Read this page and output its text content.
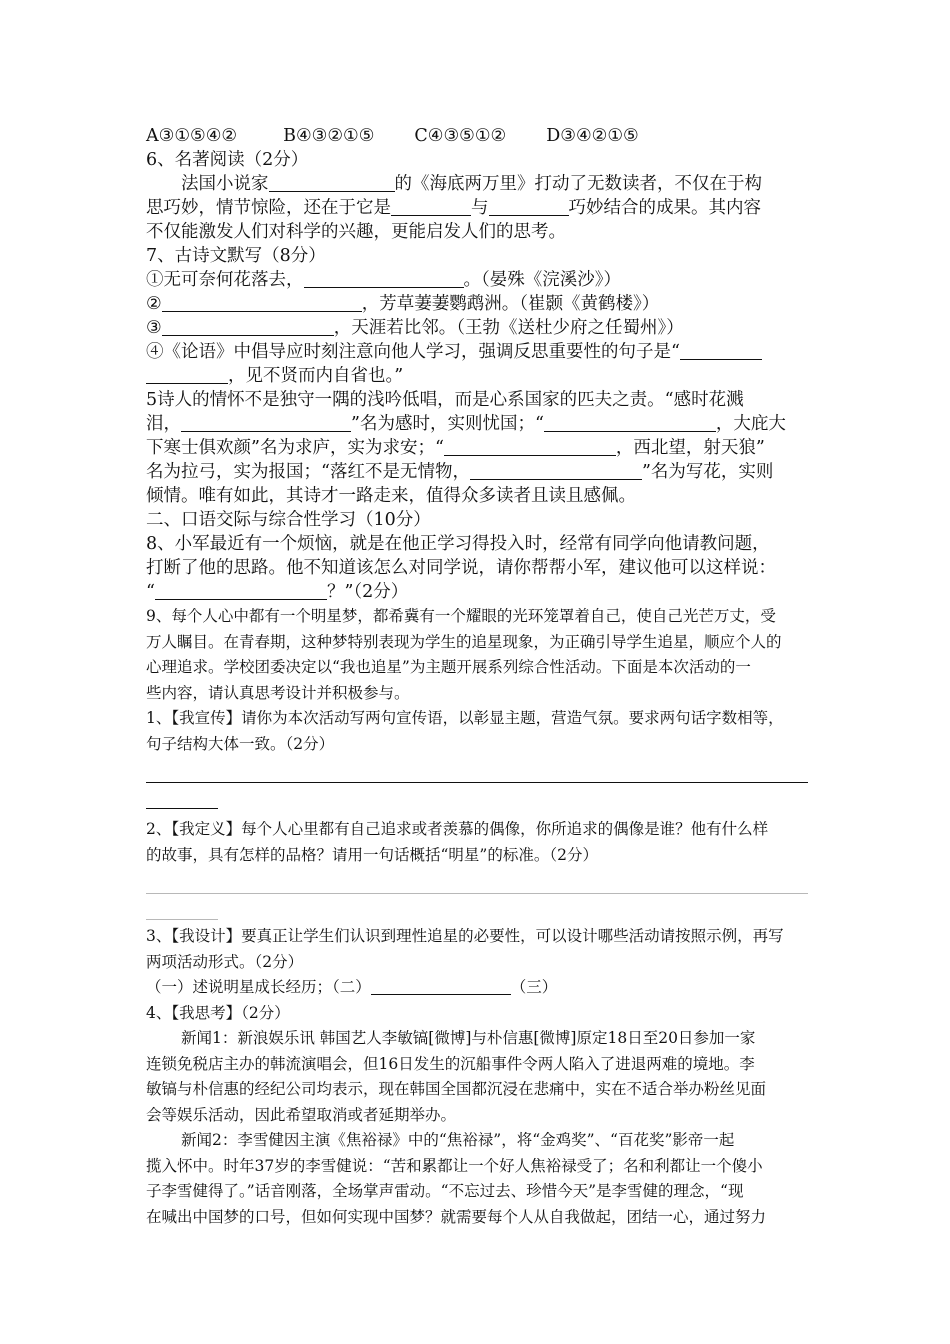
A③①⑤④②	B④③②①⑤ C④③⑤①② D③④②①⑤
6、名著阅读（2分）
法国小说家	的《海底两万里》打动了无数读者，不仅在于构
思巧妙，情节惊险，还在于它是	与	巧妙结合的成果。其内容
不仅能激发人们对科学的兴趣，更能启发人们的思考。
7、古诗文默写（8分）
①无可奈何花落去，	。（晏殊《浣溪沙》）
②	，芳草萋萋鹦鹉洲。（崔颢《黄鹤楼》）
③	，天涯若比邻。（王勃《送杜少府之任蜀州》）
④《论语》中倡导应时刻注意向他人学习，强调反思重要性的句子是“
，见不贤而内自省也。”
5诗人的情怀不是独守一隅的浅吟低唱，而是心系国家的匹夫之责。“感时花溅
泪，	”名为感时，实则忧国；“	，大庇大
下寒士俱欢颜”名为求庐，实为求安；“	，西北望，射天狼”
名为拉弓，实为报国；“落红不是无情物，	”名为写花，实则
倾情。唯有如此，其诗才一路走来，值得众多读者且读且感佩。
二、口语交际与综合性学习（10分）
8、小军最近有一个烦恼，就是在他正学习得投入时，经常有同学向他请教问题，
打断了他的思路。他不知道该怎么对同学说，请你帮帮小军，建议他可以这样说：
“	？”（2分）
9、每个人心中都有一个明星梦，都希冀有一个耀眼的光环笼罩着自己，使自己光芒万丈，受
万人瞩目。在青春期，这种梦特别表现为学生的追星现象，为正确引导学生追星，顺应个人的
心理追求。学校团委决定以“我也追星”为主题开展系列综合性活动。下面是本次活动的一
些内容，请认真思考设计并积极参与。
1、【我宣传】请你为本次活动写两句宣传语，以彰显主题，营造气氛。要求两句话字数相等，
句子结构大体一致。（2分）
2、【我定义】每个人心里都有自己追求或者羡慕的偶像，你所追求的偶像是谁？他有什么样
的故事，具有怎样的品格？请用一句话概括“明星”的标准。（2分）
3、【我设计】要真正让学生们认识到理性追星的必要性，可以设计哪些活动请按照示例，再写
两项活动形式。（2分）
（一）述说明星成长经历；（二）	（三）
4、【我思考】（2分）
新闻1：新浪娱乐讯 韩国艺人李敏镐[微博]与朴信惠[微博]原定18日至20日参加一家
连锁免税店主办的韩流演唱会，但16日发生的沉船事件令两人陷入了进退两难的境地。李
敏镐与朴信惠的经纪公司均表示，现在韩国全国都沉浸在悲痛中，实在不适合举办粉丝见面
会等娱乐活动，因此希望取消或者延期举办。
新闻2：李雪健因主演《焦裕禄》中的“焦裕禄”，将“金鸡奖”、“百花奖”影帝一起
揽入怀中。时年37岁的李雪健说：“苦和累都让一个好人焦裕禄受了；名和利都让一个傻小
子李雪健得了。”话音刚落，全场掌声雷动。“不忘过去、珍惜今天”是李雪健的理念，“现
在喊出中国梦的口号，但如何实现中国梦？就需要每个人从自我做起，团结一心，通过努力
